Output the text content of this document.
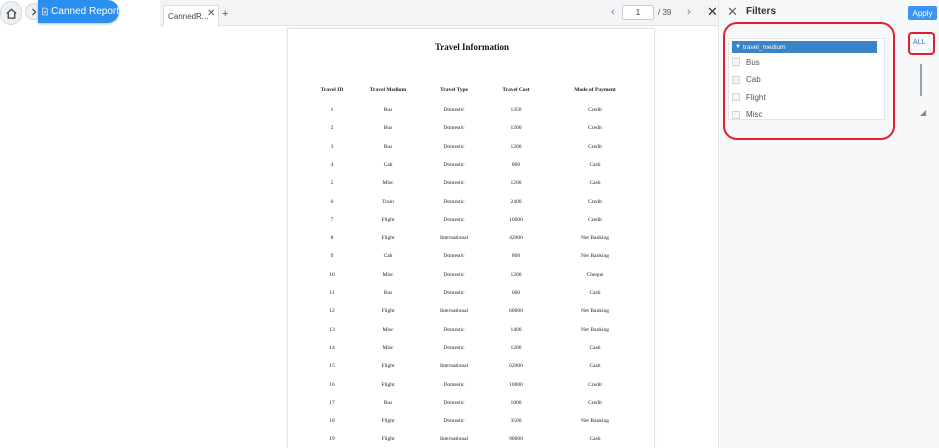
Canned Report	CannedR...
✕ +	‹
1	/ 39 › ✕
Travel Information
Travel ID	Travel Medium	Travel Type	Travel Cost	Mode of Payment
1	Bus	Domestic	1350	Credit
2	Bus	Domestic	1200	Credit
3	Bus	Domestic	1200	Credit
4	Cab	Domestic	800	Cash
5	Misc	Domestic	1200	Cash
6	Train	Domestic	2400	Credit
7	Flight	Domestic	10000	Credit
8	Flight	International	42000	Net Banking
9	Cab	Domestic	800	Net Banking
10	Misc	Domestic	1200	Cheque
11	Bus	Domestic	600	Cash
12	Flight	International	68000	Net Banking
13	Misc	Domestic	1400	Net Banking
14	Misc	Domestic	1200	Cash
15	Flight	International	62000	Cash
16	Flight	Domestic	10000	Credit
17	Bus	Domestic	1800	Credit
18	Flight	Domestic	3500	Net Banking
19	Flight	International	98000	Cash
✕ Filters	Apply
▼ travel_medium
Bus
Cab
Flight
Misc
ALL
◢
